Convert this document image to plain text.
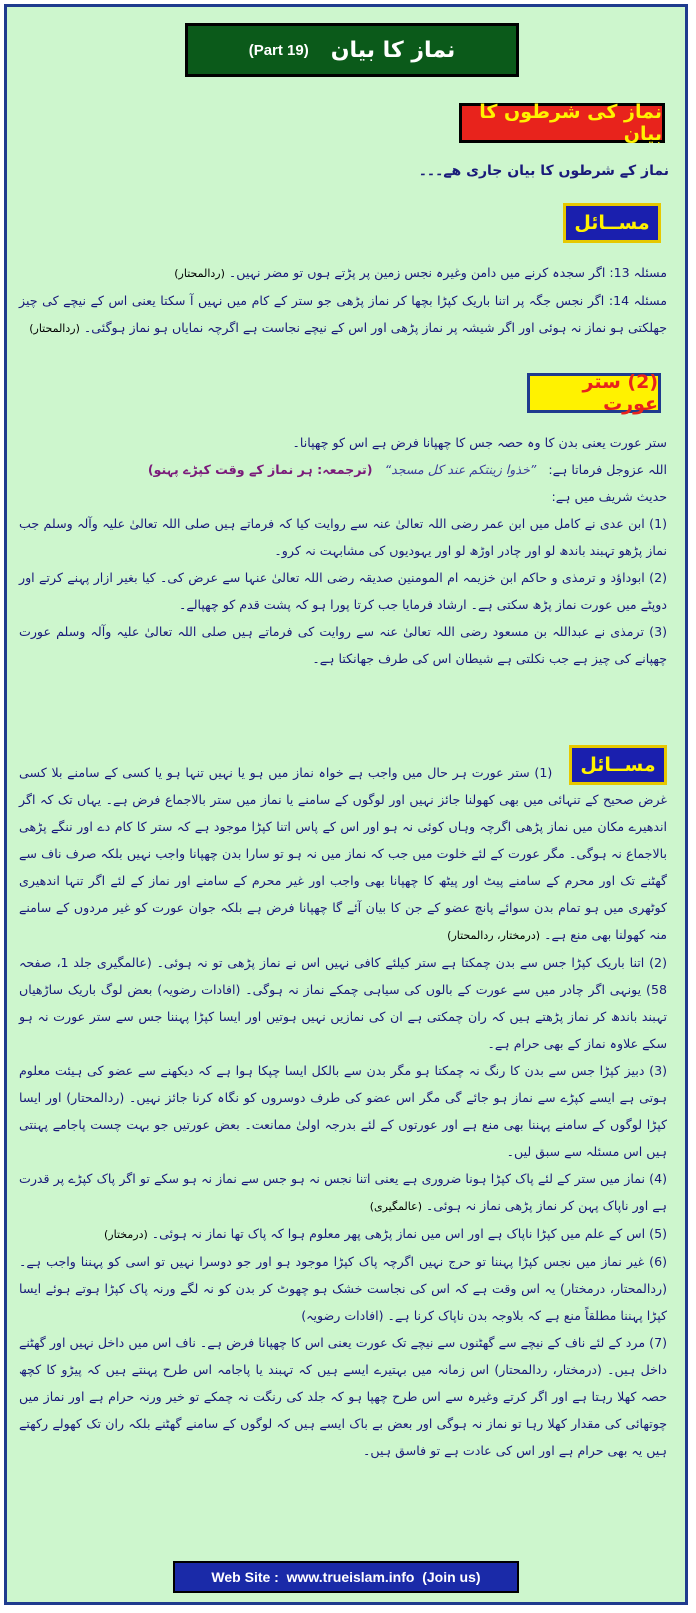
نماز کا بیان
(Part 19)
نماز کی شرطوں کا بیان
نماز کے شرطوں کا بیان جاری ھے۔۔۔
مســائل
مسئلہ 13: اگر سجدہ کرنے میں دامن وغیرہ نجس زمین پر پڑتے ہوں تو مضر نہیں۔ (ردالمحتار)
مسئلہ 14: اگر نجس جگہ پر اتنا باریک کپڑا بچھا کر نماز پڑھی جو ستر کے کام میں نہیں آ سکتا یعنی اس کے نیچے کی چیز جھلکتی ہو نماز نہ ہوئی اور اگر شیشہ پر نماز پڑھی اور اس کے نیچے نجاست ہے اگرچہ نمایاں ہو نماز ہوگئی۔ (ردالمحتار)
(2) ستر عورت
ستر عورت یعنی بدن کا وہ حصہ جس کا چھپانا فرض ہے اس کو چھپانا۔
اللہ عزوجل فرماتا ہے:   ”خذوا زینتکم عند کل مسجد“   (ترجمعہ: ہر نماز کے وقت کپڑے پہنو)
حدیث شریف میں ہے:
(1) ابن عدی نے کامل میں ابن عمر رضی اللہ تعالیٰ عنہ سے روایت کیا کہ فرماتے ہیں صلی اللہ تعالیٰ علیہ وآلہ وسلم جب نماز پڑھو تہبند باندھ لو اور چادر اوڑھ لو اور یہودیوں کی مشابہت نہ کرو۔
(2) ابوداؤد و ترمذی و حاکم ابن خزیمہ ام المومنین صدیقہ رضی اللہ تعالیٰ عنہا سے عرض کی۔ کیا بغیر ازار پہنے کرتے اور دوپٹے میں عورت نماز پڑھ سکتی ہے۔ ارشاد فرمایا جب کرتا پورا ہو کہ پشت قدم کو چھپالے۔
(3) ترمذی نے عبداللہ بن مسعود رضی اللہ تعالیٰ عنہ سے روایت کی فرماتے ہیں صلی اللہ تعالیٰ علیہ وآلہ وسلم عورت چھپانے کی چیز ہے جب نکلتی ہے شیطان اس کی طرف جھانکتا ہے۔
مســائل
(1) ستر عورت ہر حال میں واجب ہے خواہ نماز میں ہو یا نہیں تنہا ہو یا کسی کے سامنے بلا کسی غرض صحیح کے تنہائی میں بھی کھولنا جائز نہیں اور لوگوں کے سامنے یا نماز میں ستر بالاجماع فرض ہے۔ یہاں تک کہ اگر اندھیرے مکان میں نماز پڑھی اگرچہ وہاں کوئی نہ ہو اور اس کے پاس اتنا کپڑا موجود ہے کہ ستر کا کام دے اور ننگے پڑھی بالاجماع نہ ہوگی۔ مگر عورت کے لئے خلوت میں جب کہ نماز میں نہ ہو تو سارا بدن چھپانا واجب نہیں بلکہ صرف ناف سے گھٹنے تک اور محرم کے سامنے پیٹ اور پیٹھ کا چھپانا بھی واجب اور غیر محرم کے سامنے اور نماز کے لئے اگر تنہا اندھیری کوٹھری میں ہو تمام بدن سوائے پانچ عضو کے جن کا بیان آئے گا چھپانا فرض ہے بلکہ جوان عورت کو غیر مردوں کے سامنے منہ کھولنا بھی منع ہے۔ (درمختار، ردالمحتار)
(2) اتنا باریک کپڑا جس سے بدن چمکتا ہے ستر کیلئے کافی نہیں اس نے نماز پڑھی تو نہ ہوئی۔ (عالمگیری جلد 1، صفحہ 58) یونہی اگر چادر میں سے عورت کے بالوں کی سیاہی چمکے نماز نہ ہوگی۔ (افادات رضویہ) بعض لوگ باریک ساڑھیاں تہبند باندھ کر نماز پڑھتے ہیں کہ ران چمکتی ہے ان کی نمازیں نہیں ہوتیں اور ایسا کپڑا پہننا جس سے ستر عورت نہ ہو سکے علاوہ نماز کے بھی حرام ہے۔
(3) دبیز کپڑا جس سے بدن کا رنگ نہ چمکتا ہو مگر بدن سے بالکل ایسا چپکا ہوا ہے کہ دیکھنے سے عضو کی ہیئت معلوم ہوتی ہے ایسے کپڑے سے نماز ہو جائے گی مگر اس عضو کی طرف دوسروں کو نگاہ کرنا جائز نہیں۔ (ردالمحتار) اور ایسا کپڑا لوگوں کے سامنے پہننا بھی منع ہے اور عورتوں کے لئے بدرجہ اولیٰ ممانعت۔ بعض عورتیں جو بہت چست پاجامے پہنتی ہیں اس مسئلہ سے سبق لیں۔
(4) نماز میں ستر کے لئے پاک کپڑا ہونا ضروری ہے یعنی اتنا نجس نہ ہو جس سے نماز نہ ہو سکے تو اگر پاک کپڑے پر قدرت ہے اور ناپاک پہن کر نماز پڑھی نماز نہ ہوئی۔ (عالمگیری)
(5) اس کے علم میں کپڑا ناپاک ہے اور اس میں نماز پڑھی پھر معلوم ہوا کہ پاک تھا نماز نہ ہوئی۔ (درمختار)
(6) غیر نماز میں نجس کپڑا پہننا تو حرج نہیں اگرچہ پاک کپڑا موجود ہو اور جو دوسرا نہیں تو اسی کو پہننا واجب ہے۔ (ردالمحتار، درمختار) یہ اس وقت ہے کہ اس کی نجاست خشک ہو چھوٹ کر بدن کو نہ لگے ورنہ پاک کپڑا ہوتے ہوئے ایسا کپڑا پہننا مطلقاً منع ہے کہ بلاوجہ بدن ناپاک کرنا ہے۔ (افادات رضویہ)
(7) مرد کے لئے ناف کے نیچے سے گھٹنوں سے نیچے تک عورت یعنی اس کا چھپانا فرض ہے۔ ناف اس میں داخل نہیں اور گھٹنے داخل ہیں۔ (درمختار، ردالمحتار) اس زمانہ میں بہتیرے ایسے ہیں کہ تہبند یا پاجامہ اس طرح پہنتے ہیں کہ پیڑو کا کچھ حصہ کھلا رہتا ہے اور اگر کرتے وغیرہ سے اس طرح چھپا ہو کہ جلد کی رنگت نہ چمکے تو خیر ورنہ حرام ہے اور نماز میں چوتھائی کی مقدار کھلا رہا تو نماز نہ ہوگی اور بعض بے باک ایسے ہیں کہ لوگوں کے سامنے گھٹنے بلکہ ران تک کھولے رکھتے ہیں یہ بھی حرام ہے اور اس کی عادت ہے تو فاسق ہیں۔
Web Site :  www.trueislam.info  (Join us)
